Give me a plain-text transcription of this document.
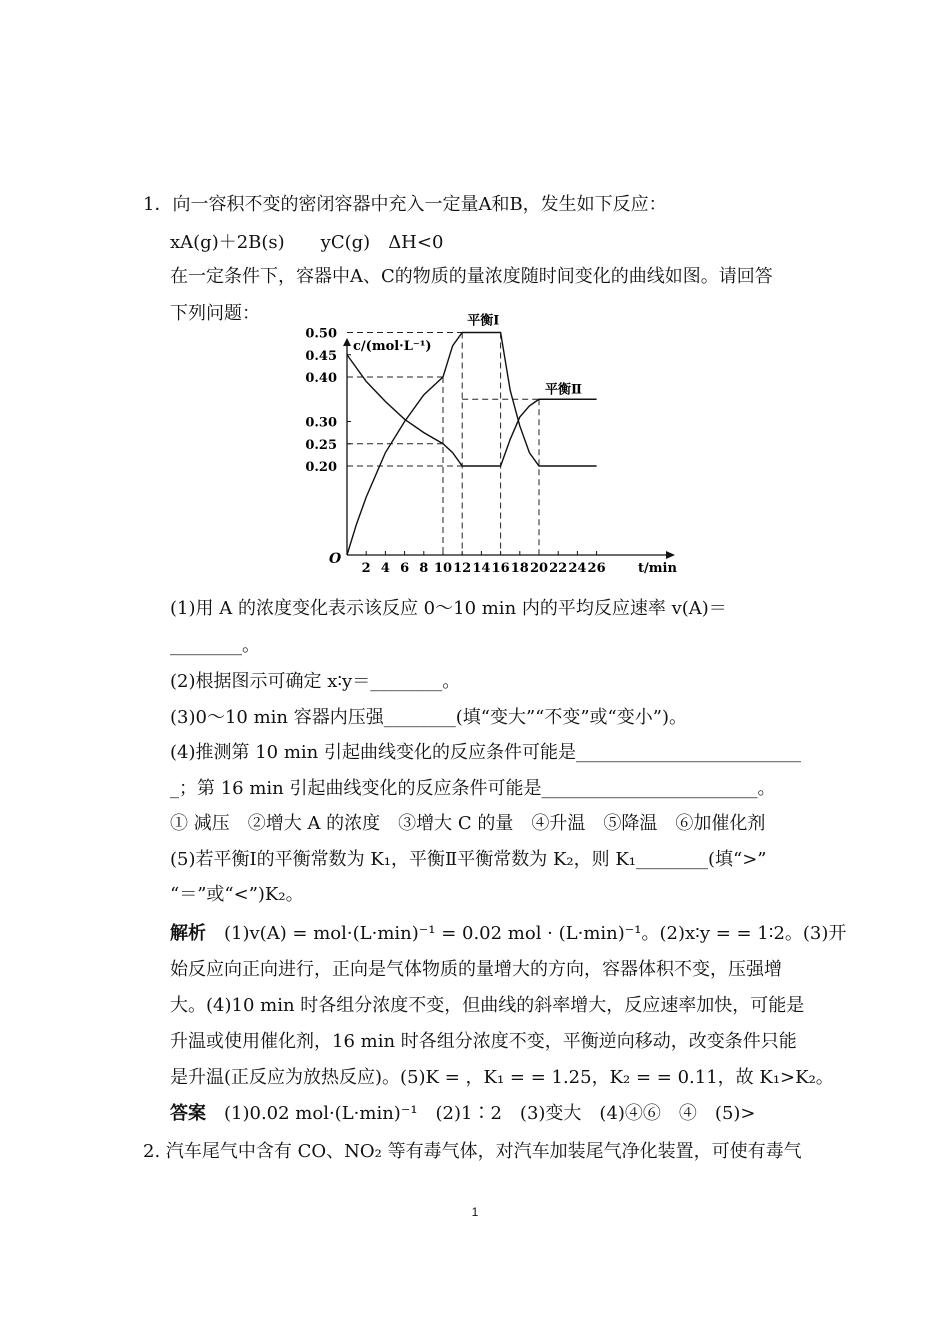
1．向一容积不变的密闭容器中充入一定量A和B，发生如下反应：
xA(g)＋2B(s)　　yC(g)　ΔH<0
在一定条件下，容器中A、C的物质的量浓度随时间变化的曲线如图。请回答
下列问题：
2 4 6 8 10 12 14 16 18 20 22 24 26
0.50
0.45
0.40
0.30
0.25
0.20
c/(mol·L⁻¹)
t/min
O
平衡Ⅰ
平衡Ⅱ
(1)用 A 的浓度变化表示该反应 0～10 min 内的平均反应速率 v(A)＝
________。
(2)根据图示可确定 x∶y＝________。
(3)0～10 min 容器内压强________(填“变大”“不变”或“变小”)。
(4)推测第 10 min 引起曲线变化的反应条件可能是_________________________
_；第 16 min 引起曲线变化的反应条件可能是________________________。
① 减压　②增大 A 的浓度　③增大 C 的量　④升温　⑤降温　⑥加催化剂
(5)若平衡Ⅰ的平衡常数为 K₁，平衡Ⅱ平衡常数为 K₂，则 K₁________(填“>”
“＝”或“<”)K₂。
解析　 (1)v(A) = mol·(L·min)⁻¹ = 0.02 mol · (L·min)⁻¹。(2)x∶y = = 1∶2。(3)开
始反应向正向进行，正向是气体物质的量增大的方向，容器体积不变，压强增
大。(4)10 min 时各组分浓度不变，但曲线的斜率增大，反应速率加快，可能是
升温或使用催化剂，16 min 时各组分浓度不变，平衡逆向移动，改变条件只能
是升温(正反应为放热反应)。(5)K = ，K₁ = = 1.25，K₂ = = 0.11，故 K₁>K₂。
答案　 (1)0.02 mol·(L·min)⁻¹　(2)1∶2　(3)变大　(4)④⑥　④　(5)>
2. 汽车尾气中含有 CO、NO₂ 等有毒气体，对汽车加装尾气净化装置，可使有毒气
1
